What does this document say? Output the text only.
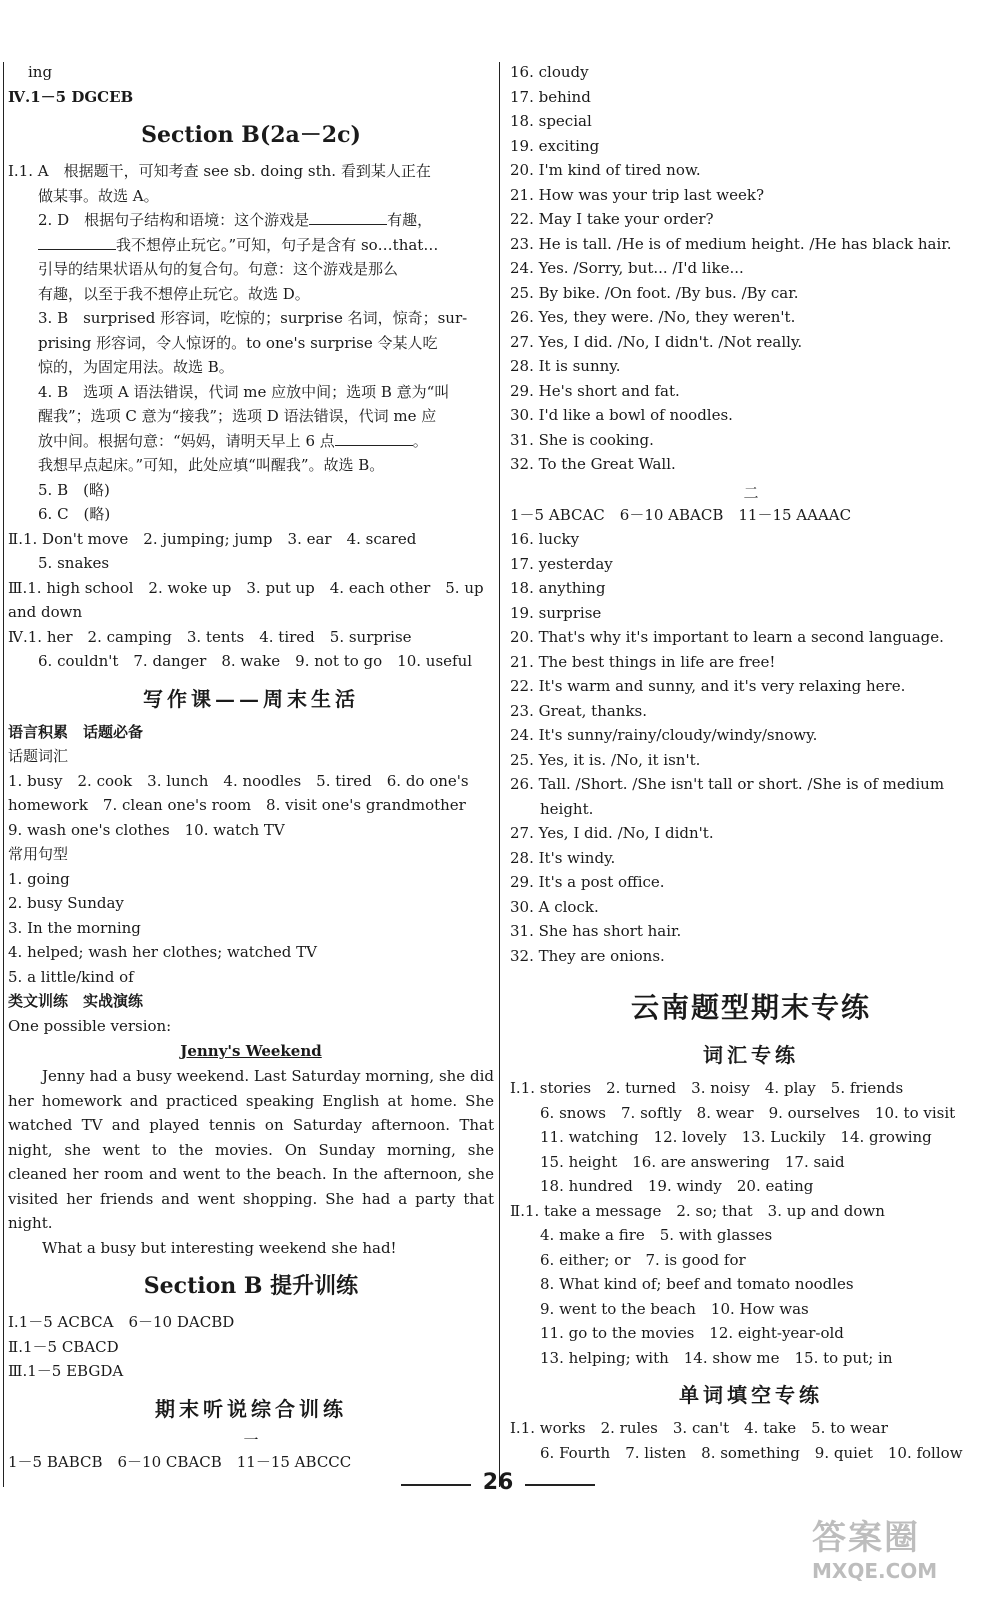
ing
Ⅳ.1－5 DGCEB
Section B(2a－2c)
Ⅰ.1. A　根据题干，可知考查 see sb. doing sth. 看到某人正在
做某事。故选 A。
2. D　根据句子结构和语境：这个游戏是	有趣，
我不想停止玩它。”可知，句子是含有 so…that…
引导的结果状语从句的复合句。句意：这个游戏是那么
有趣，以至于我不想停止玩它。故选 D。
3. B　surprised 形容词，吃惊的；surprise 名词，惊奇；sur-
prising 形容词，令人惊讶的。to one's surprise 令某人吃
惊的，为固定用法。故选 B。
4. B　选项 A 语法错误，代词 me 应放中间；选项 B 意为“叫
醒我”；选项 C 意为“接我”；选项 D 语法错误，代词 me 应
放中间。根据句意：“妈妈，请明天早上 6 点	。
我想早点起床。”可知，此处应填“叫醒我”。故选 B。
5. B　(略)
6. C　(略)
Ⅱ.1. Don't move　2. jumping; jump　3. ear　4. scared
5. snakes
Ⅲ.1. high school　2. woke up　3. put up　4. each other　5. up
and down
Ⅳ.1. her　2. camping　3. tents　4. tired　5. surprise
6. couldn't　7. danger　8. wake　9. not to go　10. useful
写作课——周末生活
语言积累　话题必备
话题词汇
1. busy　2. cook　3. lunch　4. noodles　5. tired　6. do one's
homework　7. clean one's room　8. visit one's grandmother
9. wash one's clothes　10. watch TV
常用句型
1. going
2. busy Sunday
3. In the morning
4. helped; wash her clothes; watched TV
5. a little/kind of
类文训练　实战演练
One possible version:
Jenny's Weekend
Jenny had a busy weekend. Last Saturday morning, she did her homework and practiced speaking English at home. She watched TV and played tennis on Saturday afternoon. That night, she went to the movies. On Sunday morning, she cleaned her room and went to the beach. In the afternoon, she visited her friends and went shopping. She had a party that night.
What a busy but interesting weekend she had!
Section B 提升训练
Ⅰ.1－5 ACBCA　6－10 DACBD
Ⅱ.1－5 CBACD
Ⅲ.1－5 EBGDA
期末听说综合训练
一
1－5 BABCB　6－10 CBACB　11－15 ABCCC
16. cloudy
17. behind
18. special
19. exciting
20. I'm kind of tired now.
21. How was your trip last week?
22. May I take your order?
23. He is tall. /He is of medium height. /He has black hair.
24. Yes. /Sorry, but... /I'd like...
25. By bike. /On foot. /By bus. /By car.
26. Yes, they were. /No, they weren't.
27. Yes, I did. /No, I didn't. /Not really.
28. It is sunny.
29. He's short and fat.
30. I'd like a bowl of noodles.
31. She is cooking.
32. To the Great Wall.
二
1－5 ABCAC　6－10 ABACB　11－15 AAAAC
16. lucky
17. yesterday
18. anything
19. surprise
20. That's why it's important to learn a second language.
21. The best things in life are free!
22. It's warm and sunny, and it's very relaxing here.
23. Great, thanks.
24. It's sunny/rainy/cloudy/windy/snowy.
25. Yes, it is. /No, it isn't.
26. Tall. /Short. /She isn't tall or short. /She is of medium
height.
27. Yes, I did. /No, I didn't.
28. It's windy.
29. It's a post office.
30. A clock.
31. She has short hair.
32. They are onions.
云南题型期末专练
词汇专练
Ⅰ.1. stories　2. turned　3. noisy　4. play　5. friends
6. snows　7. softly　8. wear　9. ourselves　10. to visit
11. watching　12. lovely　13. Luckily　14. growing
15. height　16. are answering　17. said
18. hundred　19. windy　20. eating
Ⅱ.1. take a message　2. so; that　3. up and down
4. make a fire　5. with glasses
6. either; or　7. is good for
8. What kind of; beef and tomato noodles
9. went to the beach　10. How was
11. go to the movies　12. eight-year-old
13. helping; with　14. show me　15. to put; in
单词填空专练
Ⅰ.1. works　2. rules　3. can't　4. take　5. to wear
6. Fourth　7. listen　8. something　9. quiet　10. follow
26
答案圈
MXQE.COM
